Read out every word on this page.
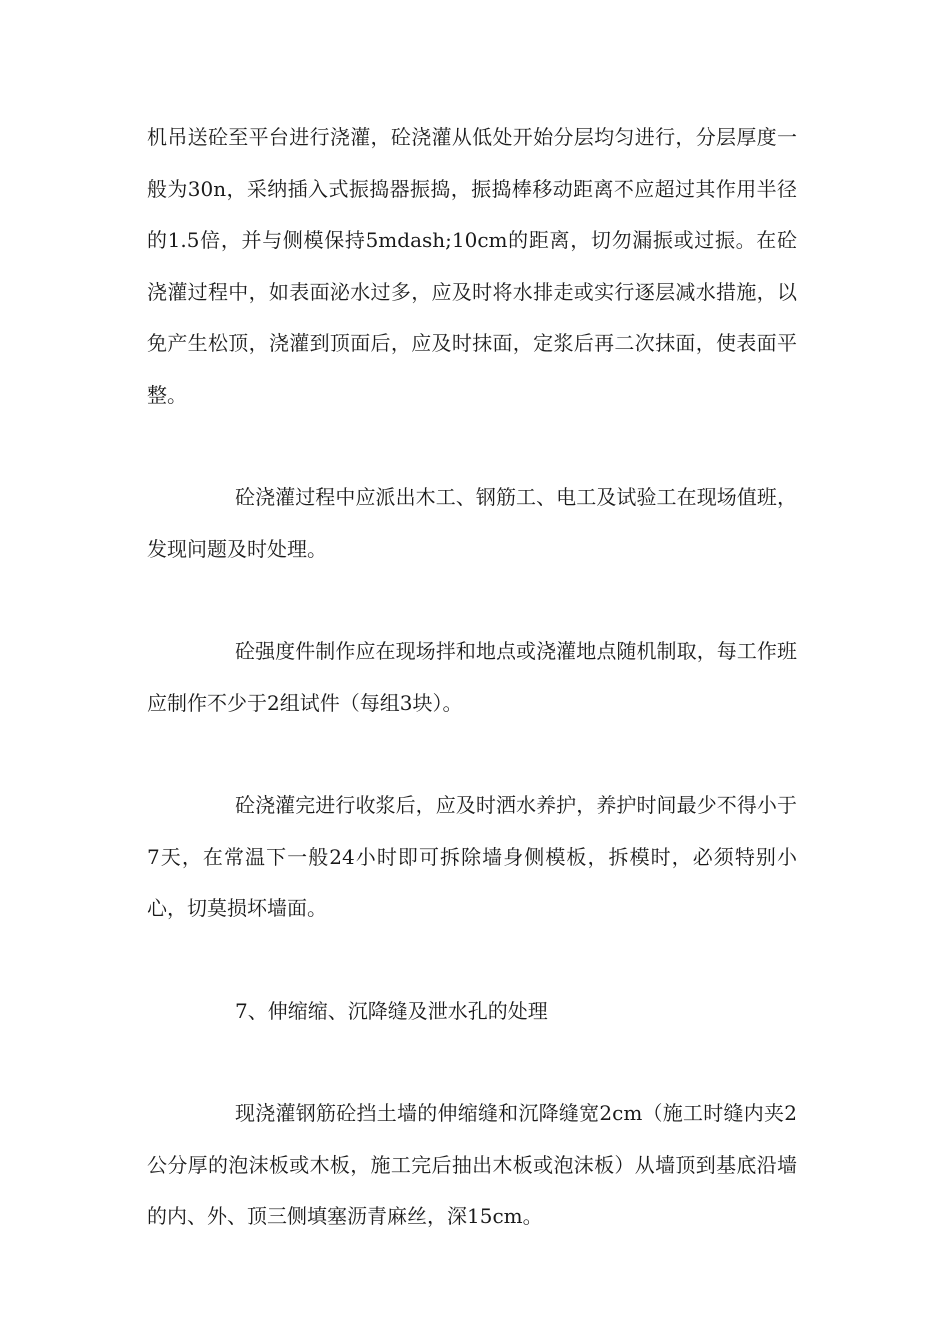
机吊送砼至平台进行浇灌，砼浇灌从低处开始分层均匀进行，分层厚度一般为30n，采纳插入式振捣器振捣，振捣棒移动距离不应超过其作用半径的1.5倍，并与侧模保持5mdash;10cm的距离，切勿漏振或过振。在砼浇灌过程中，如表面泌水过多，应及时将水排走或实行逐层减水措施，以免产生松顶，浇灌到顶面后，应及时抹面，定浆后再二次抹面，使表面平整。

砼浇灌过程中应派出木工、钢筋工、电工及试验工在现场值班，发现问题及时处理。

砼强度件制作应在现场拌和地点或浇灌地点随机制取，每工作班应制作不少于2组试件（每组3块）。

砼浇灌完进行收浆后，应及时洒水养护，养护时间最少不得小于7天，在常温下一般24小时即可拆除墙身侧模板，拆模时，必须特别小心，切莫损坏墙面。

7、伸缩缩、沉降缝及泄水孔的处理

现浇灌钢筋砼挡土墙的伸缩缝和沉降缝宽2cm（施工时缝内夹2公分厚的泡沫板或木板，施工完后抽出木板或泡沫板）从墙顶到基底沿墙的内、外、顶三侧填塞沥青麻丝，深15cm。
